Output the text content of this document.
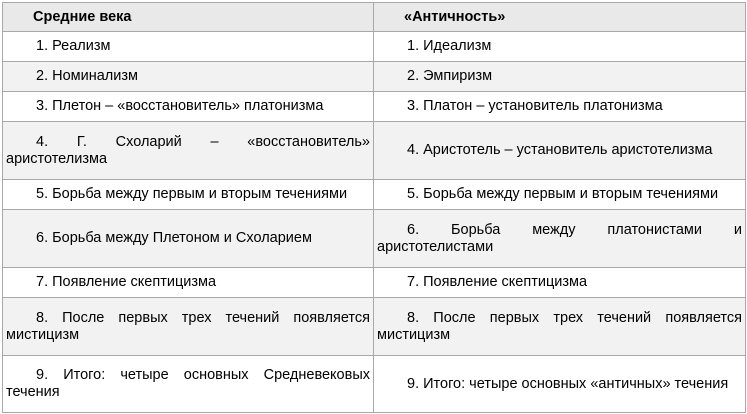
Средние века	«Античность»
1. Реализм	1. Идеализм
2. Номинализм	2. Эмпиризм
3. Плетон – «восстановитель» платонизма	3. Платон – установитель платонизма

4. Г. Схоларий – «восстановитель» аристотелизма	4. Аристотель – установитель аристотелизма
5. Борьба между первым и вторым течениями	5. Борьба между первым и вторым течениями
6. Борьба между Плетоном и Схоларием	6. Борьба между платонистами и аристотелистами

7. Появление скептицизма	7. Появление скептицизма

8. После первых трех течений появляется мистицизм	8. После первых трех течений появляется мистицизм

9. Итого: четыре основных Средневековых течения	9. Итого: четыре основных «античных» течения
